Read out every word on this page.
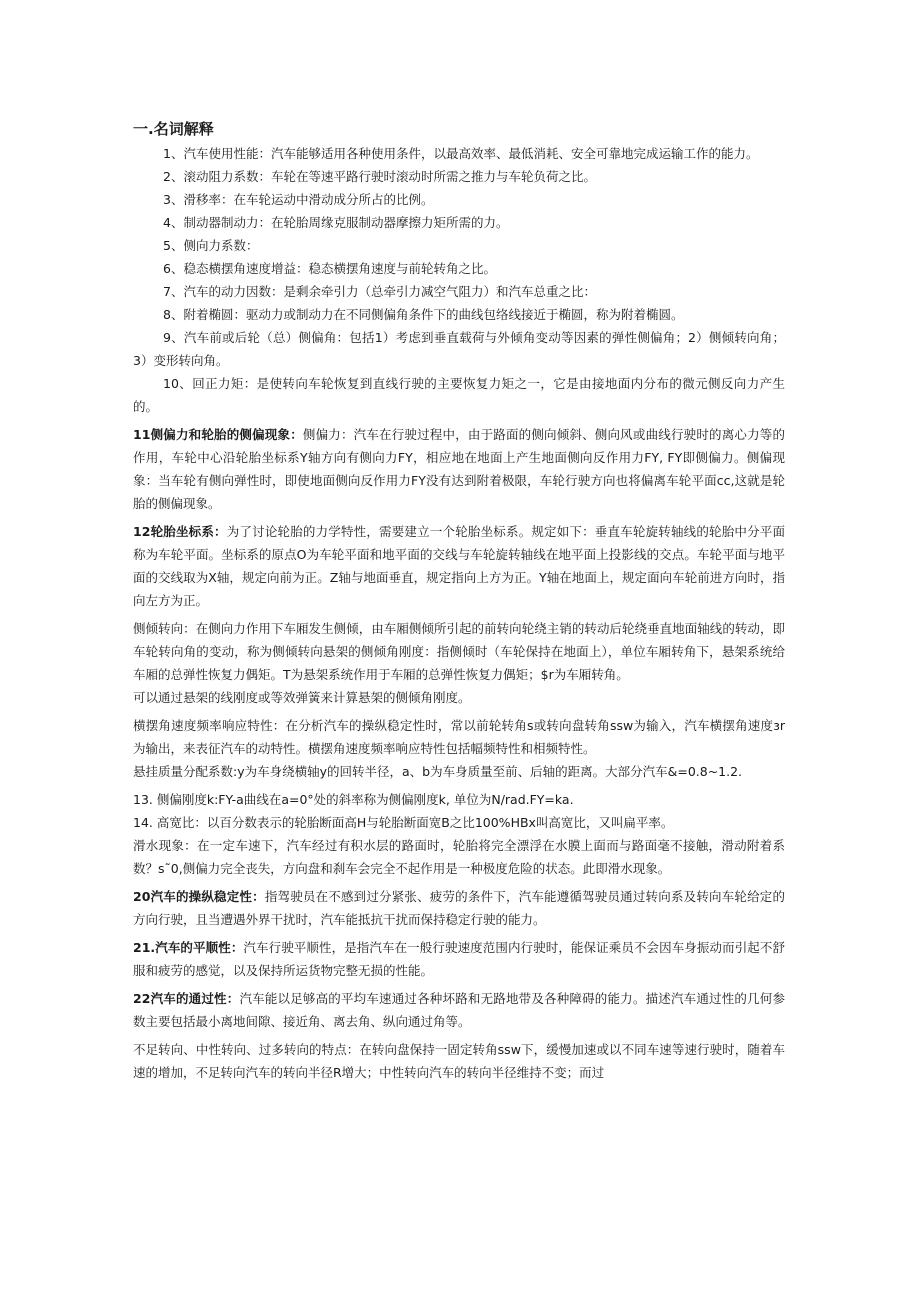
一.名词解释

1、汽车使用性能：汽车能够适用各种使用条件，以最高效率、最低消耗、安全可靠地完成运输工作的能力。

2、滚动阻力系数：车轮在等速平路行驶时滚动时所需之推力与车轮负荷之比。

3、滑移率：在车轮运动中滑动成分所占的比例。

4、制动器制动力：在轮胎周缘克服制动器摩擦力矩所需的力。

5、侧向力系数：

6、稳态横摆角速度增益：稳态横摆角速度与前轮转角之比。

7、汽车的动力因数：是剩余牵引力（总牵引力减空气阻力）和汽车总重之比：

8、附着椭圆：驱动力或制动力在不同侧偏角条件下的曲线包络线接近于椭圆，称为附着椭圆。

9、汽车前或后轮（总）侧偏角：包括1）考虑到垂直载荷与外倾角变动等因素的弹性侧偏角；2）侧倾转向角；3）变形转向角。

10、回正力矩：是使转向车轮恢复到直线行驶的主要恢复力矩之一，它是由接地面内分布的微元侧反向力产生的。

11侧偏力和轮胎的侧偏现象：侧偏力：汽车在行驶过程中，由于路面的侧向倾斜、侧向风或曲线行驶时的离心力等的作用，车轮中心沿轮胎坐标系Y轴方向有侧向力FY，相应地在地面上产生地面侧向反作用力FY, FY即侧偏力。侧偏现象：当车轮有侧向弹性时，即使地面侧向反作用力FY没有达到附着极限，车轮行驶方向也将偏离车轮平面cc,这就是轮胎的侧偏现象。

12轮胎坐标系：为了讨论轮胎的力学特性，需要建立一个轮胎坐标系。规定如下：垂直车轮旋转轴线的轮胎中分平面称为车轮平面。坐标系的原点O为车轮平面和地平面的交线与车轮旋转轴线在地平面上投影线的交点。车轮平面与地平面的交线取为X轴，规定向前为正。Z轴与地面垂直，规定指向上方为正。Y轴在地面上，规定面向车轮前进方向时，指向左方为正。

侧倾转向：在侧向力作用下车厢发生侧倾，由车厢侧倾所引起的前转向轮绕主销的转动后轮绕垂直地面轴线的转动，即车轮转向角的变动，称为侧倾转向悬架的侧倾角刚度：指侧倾时（车轮保持在地面上），单位车厢转角下，悬架系统给车厢的总弹性恢复力偶矩。T为悬架系统作用于车厢的总弹性恢复力偶矩；$r为车厢转角。

可以通过悬架的线刚度或等效弹簧来计算悬架的侧倾角刚度。

横摆角速度频率响应特性：在分析汽车的操纵稳定性时，常以前轮转角s或转向盘转角ssw为输入，汽车横摆角速度ɜr为输出，来表征汽车的动特性。横摆角速度频率响应特性包括幅频特性和相频特性。

悬挂质量分配系数:y为车身绕横轴y的回转半径，a、b为车身质量至前、后轴的距离。大部分汽车&=0.8~1.2.

13. 侧偏刚度k:FY-a曲线在a=0°处的斜率称为侧偏刚度k, 单位为N/rad.FY=ka.

14. 高宽比：以百分数表示的轮胎断面高H与轮胎断面宽B之比100%HBx叫高宽比，又叫扁平率。

滑水现象：在一定车速下，汽车经过有积水层的路面时，轮胎将完全漂浮在水膜上面而与路面毫不接触，滑动附着系数？s˜0,侧偏力完全丧失，方向盘和刹车会完全不起作用是一种极度危险的状态。此即滑水现象。

20汽车的操纵稳定性：指驾驶员在不感到过分紧张、疲劳的条件下，汽车能遵循驾驶员通过转向系及转向车轮给定的方向行驶，且当遭遇外界干扰时，汽车能抵抗干扰而保持稳定行驶的能力。

21.汽车的平顺性：汽车行驶平顺性，是指汽车在一般行驶速度范围内行驶时，能保证乘员不会因车身振动而引起不舒服和疲劳的感觉，以及保持所运货物完整无损的性能。

22汽车的通过性：汽车能以足够高的平均车速通过各种坏路和无路地带及各种障碍的能力。描述汽车通过性的几何参数主要包括最小离地间隙、接近角、离去角、纵向通过角等。

不足转向、中性转向、过多转向的特点：在转向盘保持一固定转角ssw下，缓慢加速或以不同车速等速行驶时，随着车速的增加，不足转向汽车的转向半径R增大；中性转向汽车的转向半径维持不变；而过
